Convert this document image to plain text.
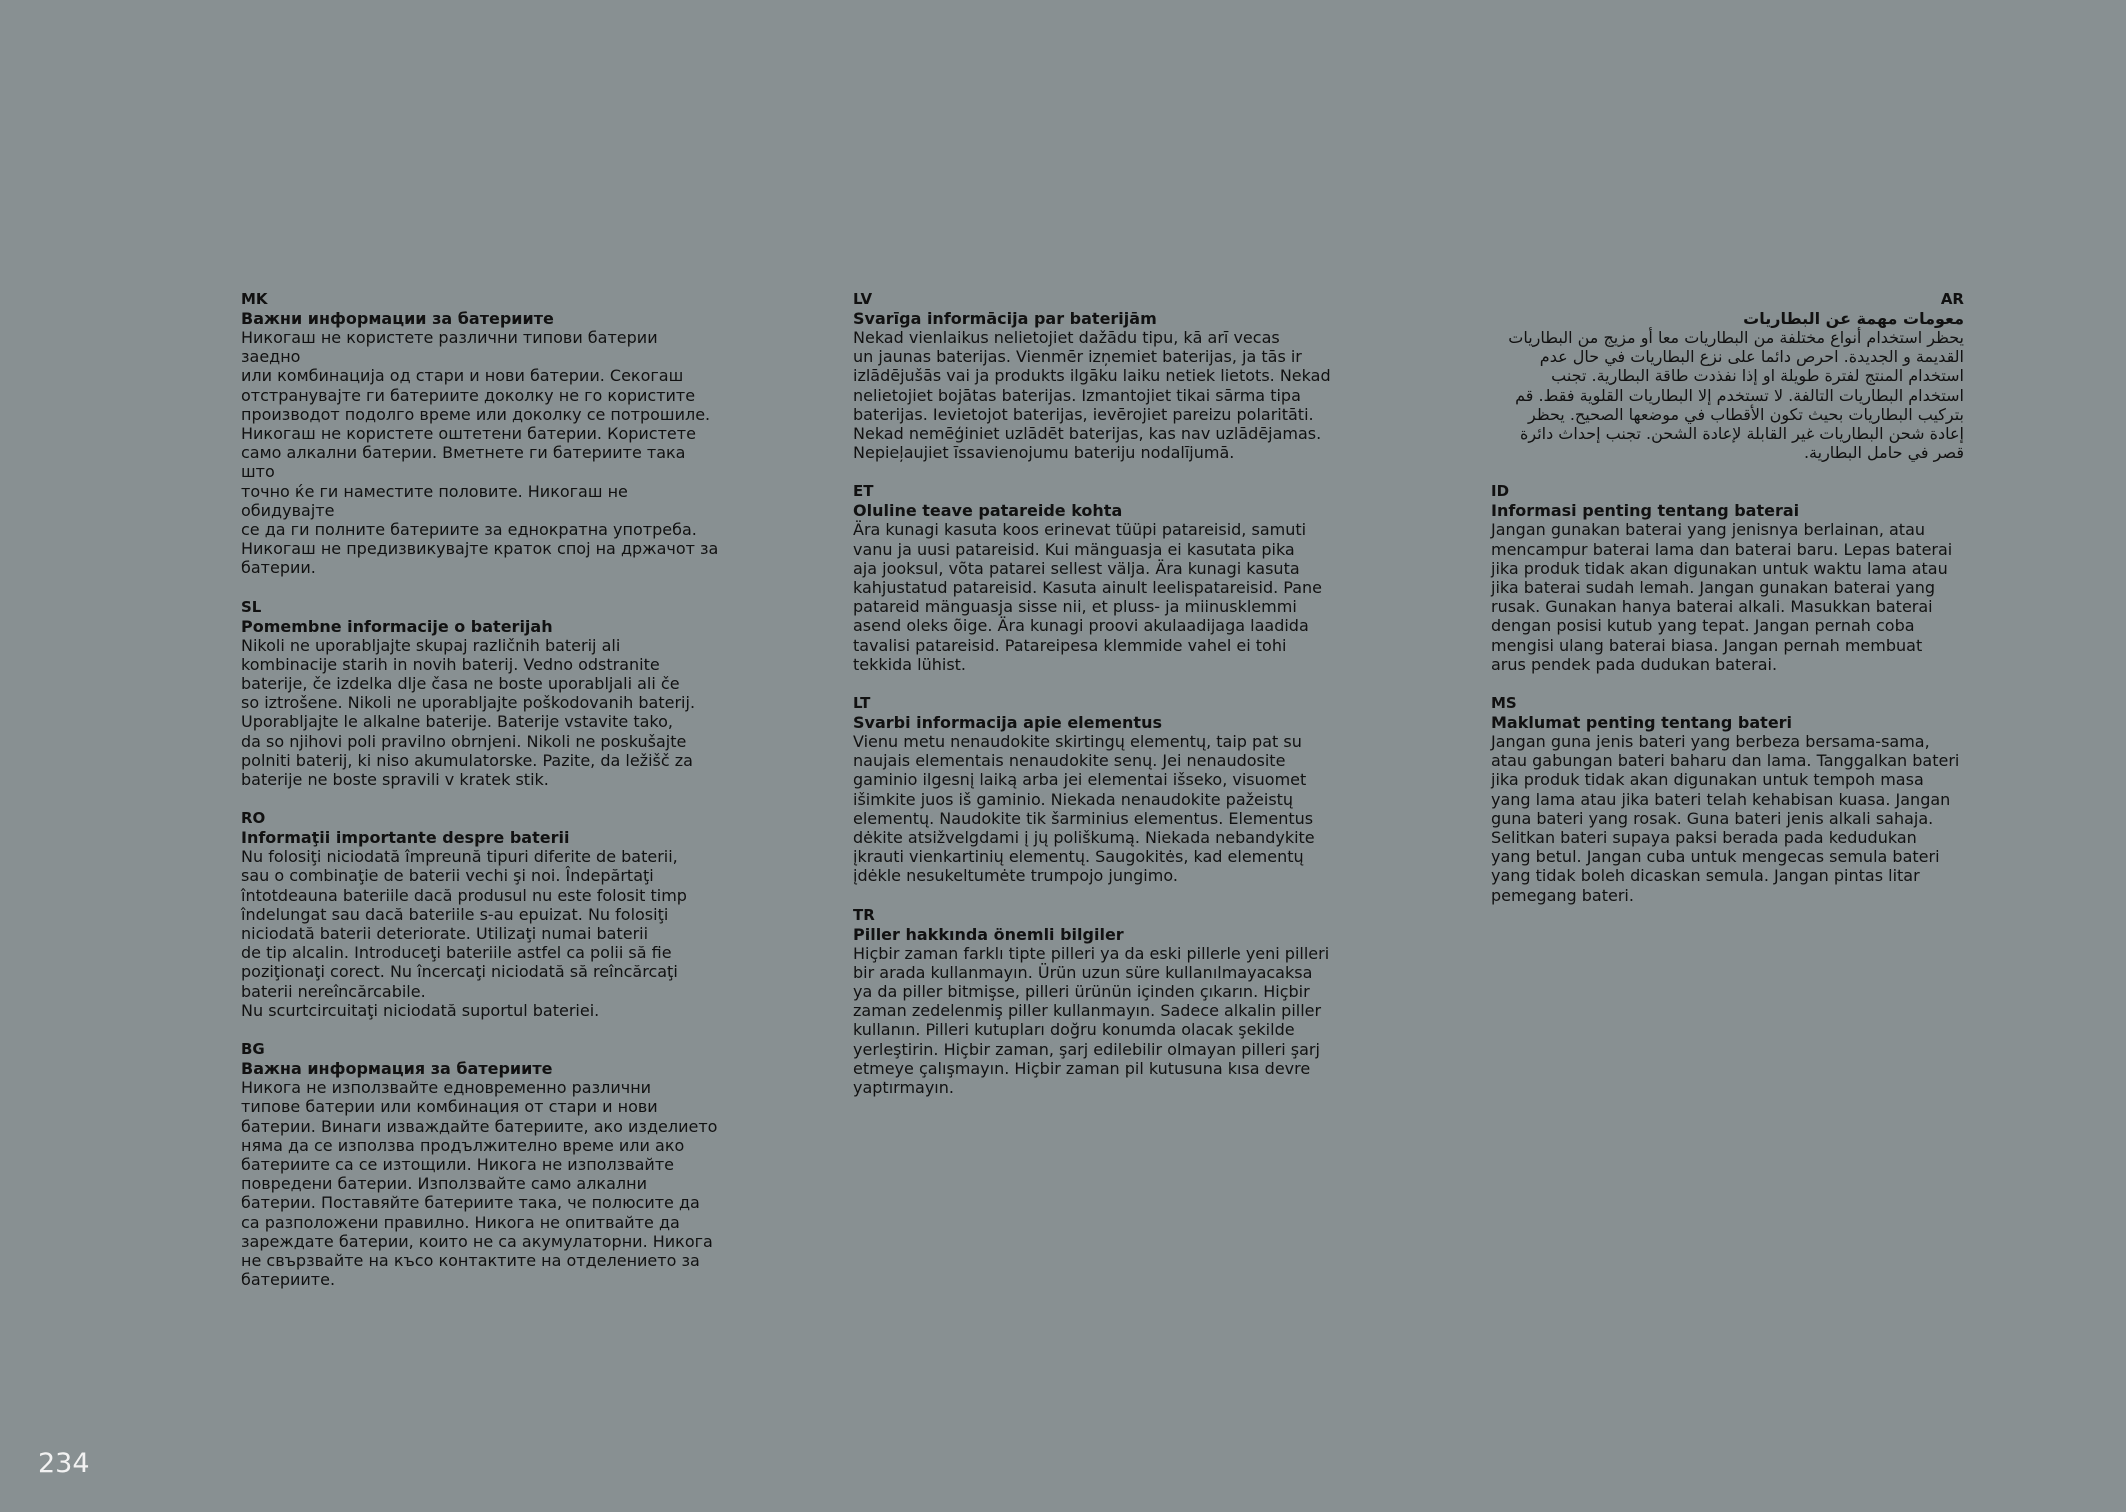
MK
Важни информации за батериите

Никогаш не користете различни типови батерии заедно
или комбинација од стари и нови батерии. Секогаш
отстранувајте ги батериите доколку не го користите
производот подолго време или доколку се потрошиле.
Никогаш не користете оштетени батерии. Користете
само алкални батерии. Вметнете ги батериите така што
точно ќе ги наместите половите. Никогаш не обидувајте
се да ги полните батериите за еднократна употреба.
Никогаш не предизвикувајте краток спој на држачот за
батерии.

SL
Pomembne informacije o baterijah

Nikoli ne uporabljajte skupaj različnih baterij ali
kombinacije starih in novih baterij. Vedno odstranite
baterije, če izdelka dlje časa ne boste uporabljali ali če
so iztrošene. Nikoli ne uporabljajte poškodovanih baterij.
Uporabljajte le alkalne baterije. Baterije vstavite tako,
da so njihovi poli pravilno obrnjeni. Nikoli ne poskušajte
polniti baterij, ki niso akumulatorske. Pazite, da ležišč za
baterije ne boste spravili v kratek stik.

RO
Informaţii importante despre baterii

Nu folosiţi niciodată împreună tipuri diferite de baterii,
sau o combinaţie de baterii vechi şi noi. Îndepărtaţi
întotdeauna bateriile dacă produsul nu este folosit timp
îndelungat sau dacă bateriile s-au epuizat. Nu folosiţi
niciodată baterii deteriorate. Utilizaţi numai baterii
de tip alcalin. Introduceţi bateriile astfel ca polii să fie
poziţionaţi corect. Nu încercaţi niciodată să reîncărcaţi
baterii nereîncărcabile.
Nu scurtcircuitaţi niciodată suportul bateriei.

BG
Важна информация за батериите

Никога не използвайте едновременно различни
типове батерии или комбинация от стари и нови
батерии. Винаги изваждайте батериите, ако изделието
няма да се използва продължително време или ако
батериите са се изтощили. Никога не използвайте
повредени батерии. Използвайте само алкални
батерии. Поставяйте батериите така, че полюсите да
са разположени правилно. Никога не опитвайте да
зареждате батерии, които не са акумулаторни. Никога
не свързвайте на късо контактите на отделението за
батериите.

LV
Svarīga informācija par baterijām

Nekad vienlaikus nelietojiet dažādu tipu, kā arī vecas
un jaunas baterijas. Vienmēr izņemiet baterijas, ja tās ir
izlādējušās vai ja produkts ilgāku laiku netiek lietots. Nekad
nelietojiet bojātas baterijas. Izmantojiet tikai sārma tipa
baterijas. Ievietojot baterijas, ievērojiet pareizu polaritāti.
Nekad nemēģiniet uzlādēt baterijas, kas nav uzlādējamas.
Nepieļaujiet īssavienojumu bateriju nodalījumā.

ET
Oluline teave patareide kohta

Ära kunagi kasuta koos erinevat tüüpi patareisid, samuti
vanu ja uusi patareisid. Kui mänguasja ei kasutata pika
aja jooksul, võta patarei sellest välja. Ära kunagi kasuta
kahjustatud patareisid. Kasuta ainult leelispatareisid. Pane
patareid mänguasja sisse nii, et pluss- ja miinusklemmi
asend oleks õige. Ära kunagi proovi akulaadijaga laadida
tavalisi patareisid. Patareipesa klemmide vahel ei tohi
tekkida lühist.

LT
Svarbi informacija apie elementus

Vienu metu nenaudokite skirtingų elementų, taip pat su
naujais elementais nenaudokite senų. Jei nenaudosite
gaminio ilgesnį laiką arba jei elementai išseko, visuomet
išimkite juos iš gaminio. Niekada nenaudokite pažeistų
elementų. Naudokite tik šarminius elementus. Elementus
dėkite atsižvelgdami į jų poliškumą. Niekada nebandykite
įkrauti vienkartinių elementų. Saugokitės, kad elementų
įdėkle nesukeltumėte trumpojo jungimo.

TR
Piller hakkında önemli bilgiler

Hiçbir zaman farklı tipte pilleri ya da eski pillerle yeni pilleri
bir arada kullanmayın. Ürün uzun süre kullanılmayacaksa
ya da piller bitmişse, pilleri ürünün içinden çıkarın. Hiçbir
zaman zedelenmiş piller kullanmayın. Sadece alkalin piller
kullanın. Pilleri kutupları doğru konumda olacak şekilde
yerleştirin. Hiçbir zaman, şarj edilebilir olmayan pilleri şarj
etmeye çalışmayın. Hiçbir zaman pil kutusuna kısa devre
yaptırmayın.

AR
معومات مهمة عن البطاريات

يحظر استخدام أنواع مختلفة من البطاريات معا أو مزيج من البطاريات
القديمة و الجديدة. احرص دائما على نزع البطاريات في حال عدم
استخدام المنتج لفترة طويلة او إذا نفذدت طاقة البطارية. تجنب
استخدام البطاريات التالفة. لا تستخدم إلا البطاريات القلوية فقط. قم
بتركيب البطاريات بحيث تكون الأقطاب في موضعها الصحيح. يحظر
إعادة شحن البطاريات غير القابلة لإعادة الشحن. تجنب إحداث دائرة
قصر في حامل البطارية.

ID
Informasi penting tentang baterai

Jangan gunakan baterai yang jenisnya berlainan, atau
mencampur baterai lama dan baterai baru. Lepas baterai
jika produk tidak akan digunakan untuk waktu lama atau
jika baterai sudah lemah. Jangan gunakan baterai yang
rusak. Gunakan hanya baterai alkali. Masukkan baterai
dengan posisi kutub yang tepat. Jangan pernah coba
mengisi ulang baterai biasa. Jangan pernah membuat
arus pendek pada dudukan baterai.

MS
Maklumat penting tentang bateri

Jangan guna jenis bateri yang berbeza bersama-sama,
atau gabungan bateri baharu dan lama. Tanggalkan bateri
jika produk tidak akan digunakan untuk tempoh masa
yang lama atau jika bateri telah kehabisan kuasa. Jangan
guna bateri yang rosak. Guna bateri jenis alkali sahaja.
Selitkan bateri supaya paksi berada pada kedudukan
yang betul. Jangan cuba untuk mengecas semula bateri
yang tidak boleh dicaskan semula. Jangan pintas litar
pemegang bateri.

234
